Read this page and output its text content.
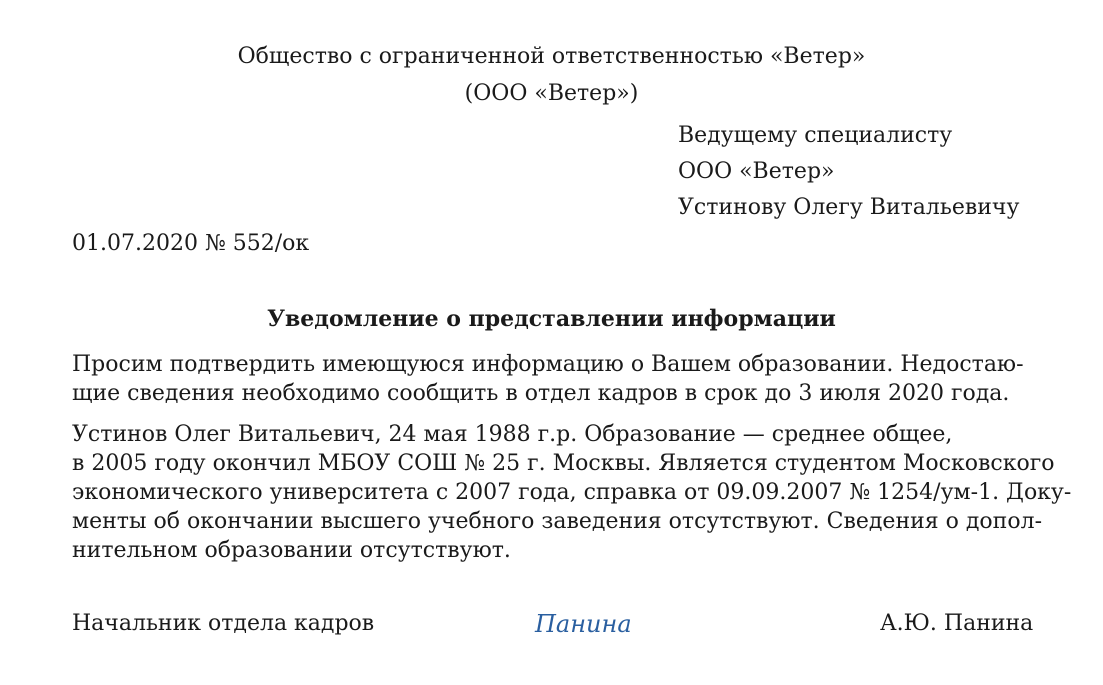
Общество с ограниченной ответственностью «Ветер»
(ООО «Ветер»)
Ведущему специалисту
ООО «Ветер»
Устинову Олегу Витальевичу
01.07.2020 № 552/ок
Уведомление о представлении информации
Просим подтвердить имеющуюся информацию о Вашем образовании. Недостаю-
щие сведения необходимо сообщить в отдел кадров в срок до 3 июля 2020 года.
Устинов Олег Витальевич, 24 мая 1988 г.р. Образование — среднее общее,
в 2005 году окончил МБОУ СОШ № 25 г. Москвы. Является студентом Московского
экономического университета с 2007 года, справка от 09.09.2007 № 1254/ум-1. Доку-
менты об окончании высшего учебного заведения отсутствуют. Сведения о допол-
нительном образовании отсутствуют.
Начальник отдела кадров	Панина	А.Ю. Панина
